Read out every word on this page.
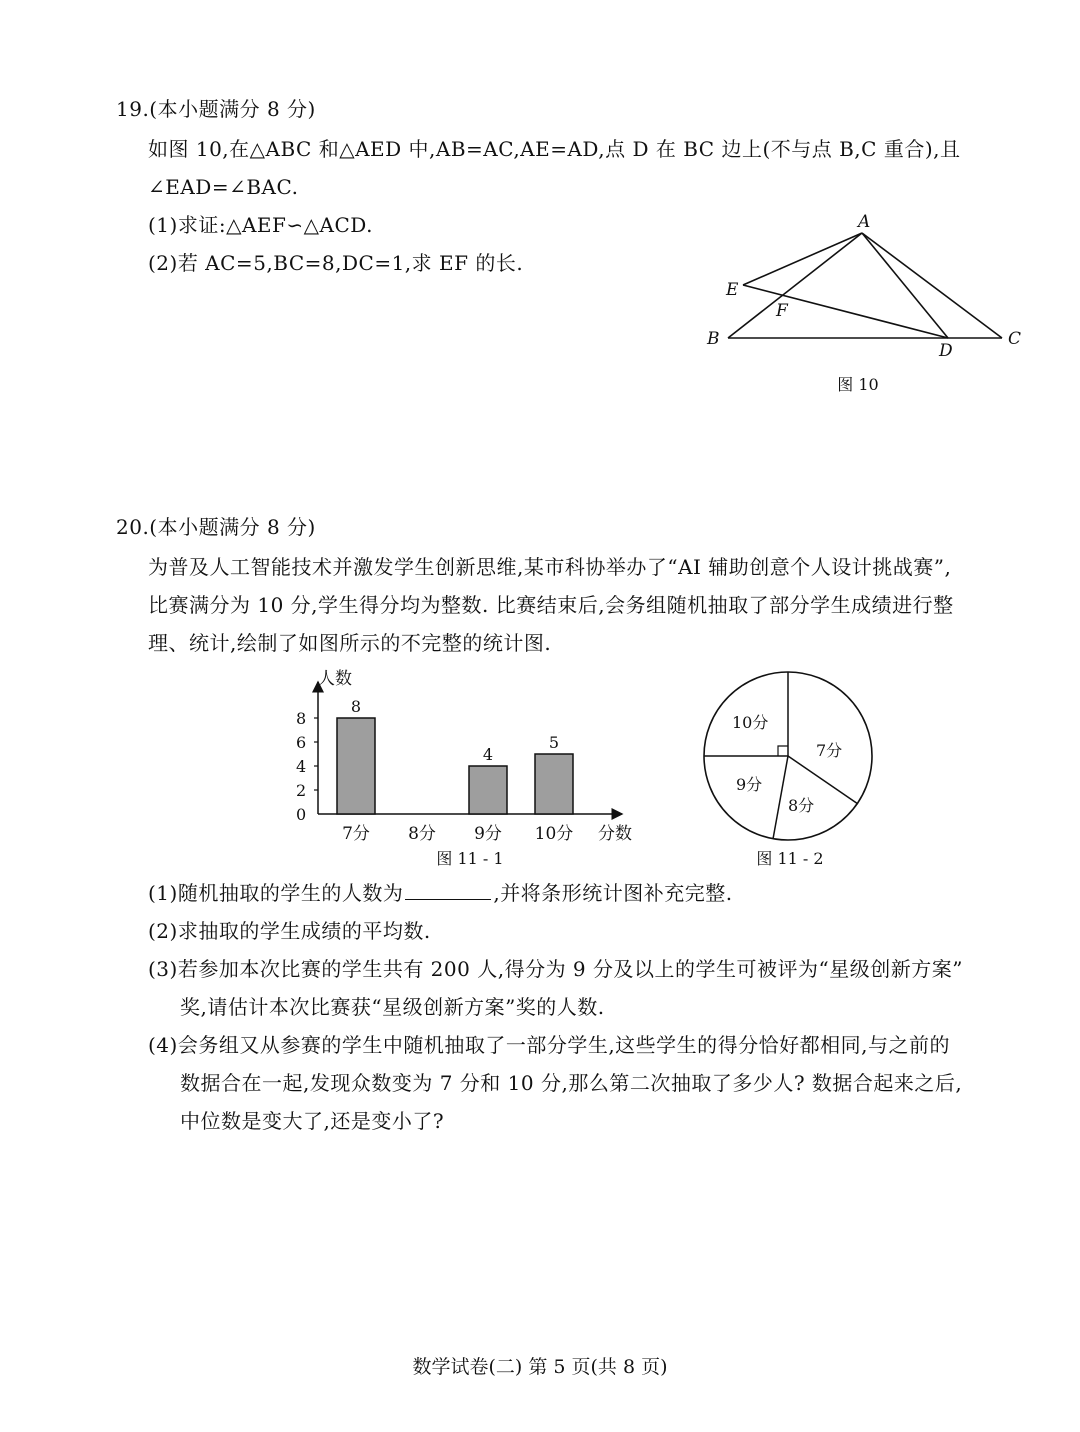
19.(本小题满分 8 分)
如图 10,在△ABC 和△AED 中,AB=AC,AE=AD,点 D 在 BC 边上(不与点 B,C 重合),且
∠EAD=∠BAC.
(1)求证:△AEF∽△ACD.
(2)若 AC=5,BC=8,DC=1,求 EF 的长.
A
E
F
B
D
C
图 10
20.(本小题满分 8 分)
为普及人工智能技术并激发学生创新思维,某市科协举办了“AI 辅助创意个人设计挑战赛”,
比赛满分为 10 分,学生得分均为整数. 比赛结束后,会务组随机抽取了部分学生成绩进行整
理、统计,绘制了如图所示的不完整的统计图.
人数
分数
0
2
4
6
8
8
4
5
7分 8分 9分 10分
图 11 - 1
10分
7分
8分
9分
图 11 - 2
(1)随机抽取的学生的人数为	,并将条形统计图补充完整.
(2)求抽取的学生成绩的平均数.
(3)若参加本次比赛的学生共有 200 人,得分为 9 分及以上的学生可被评为“星级创新方案”
奖,请估计本次比赛获“星级创新方案”奖的人数.
(4)会务组又从参赛的学生中随机抽取了一部分学生,这些学生的得分恰好都相同,与之前的
数据合在一起,发现众数变为 7 分和 10 分,那么第二次抽取了多少人? 数据合起来之后,
中位数是变大了,还是变小了?
数学试卷(二) 第 5 页(共 8 页)
